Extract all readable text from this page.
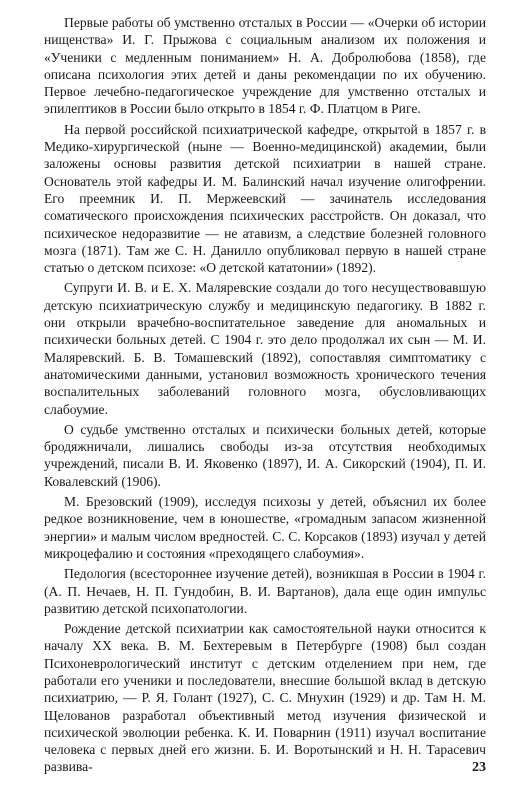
Первые работы об умственно отсталых в России — «Очерки об истории нищенства» И. Г. Прыжова с социальным анализом их положения и «Ученики с медленным пониманием» Н. А. Добролюбова (1858), где описана психология этих детей и даны рекомендации по их обучению. Первое лечебно-педагогическое учреждение для умственно отсталых и эпилептиков в России было открыто в 1854 г. Ф. Платцом в Риге.

На первой российской психиатрической кафедре, открытой в 1857 г. в Медико-хирургической (ныне — Военно-медицинской) академии, были заложены основы развития детской психиатрии в нашей стране. Основатель этой кафедры И. М. Балинский начал изучение олигофрении. Его преемник И. П. Мержеевский — зачинатель исследования соматического происхождения психических расстройств. Он доказал, что психическое недоразвитие — не атавизм, а следствие болезней головного мозга (1871). Там же С. Н. Данилло опубликовал первую в нашей стране статью о детском психозе: «О детской кататонии» (1892).

Супруги И. В. и Е. Х. Маляревские создали до того несуществовавшую детскую психиатрическую службу и медицинскую педагогику. В 1882 г. они открыли врачебно-воспитательное заведение для аномальных и психически больных детей. С 1904 г. это дело продолжал их сын — М. И. Маляревский. Б. В. Томашевский (1892), сопоставляя симптоматику с анатомическими данными, установил возможность хронического течения воспалительных заболеваний головного мозга, обусловливающих слабоумие.

О судьбе умственно отсталых и психически больных детей, которые бродяжничали, лишались свободы из-за отсутствия необходимых учреждений, писали В. И. Яковенко (1897), И. А. Сикорский (1904), П. И. Ковалевский (1906).

М. Брезовский (1909), исследуя психозы у детей, объяснил их более редкое возникновение, чем в юношестве, «громадным запасом жизненной энергии» и малым числом вредностей. С. С. Корсаков (1893) изучал у детей микроцефалию и состояния «преходящего слабоумия».

Педология (всестороннее изучение детей), возникшая в России в 1904 г. (А. П. Нечаев, Н. П. Гундобин, В. И. Вартанов), дала еще один импульс развитию детской психопатологии.

Рождение детской психиатрии как самостоятельной науки относится к началу XX века. В. М. Бехтеревым в Петербурге (1908) был создан Психоневрологический институт с детским отделением при нем, где работали его ученики и последователи, внесшие большой вклад в детскую психиатрию, — Р. Я. Голант (1927), С. С. Мнухин (1929) и др. Там Н. М. Щелованов разработал объективный метод изучения физической и психической эволюции ребенка. К. И. Поварнин (1911) изучал воспитание человека с первых дней его жизни. Б. И. Воротынский и Н. Н. Тарасевич развива-	23
